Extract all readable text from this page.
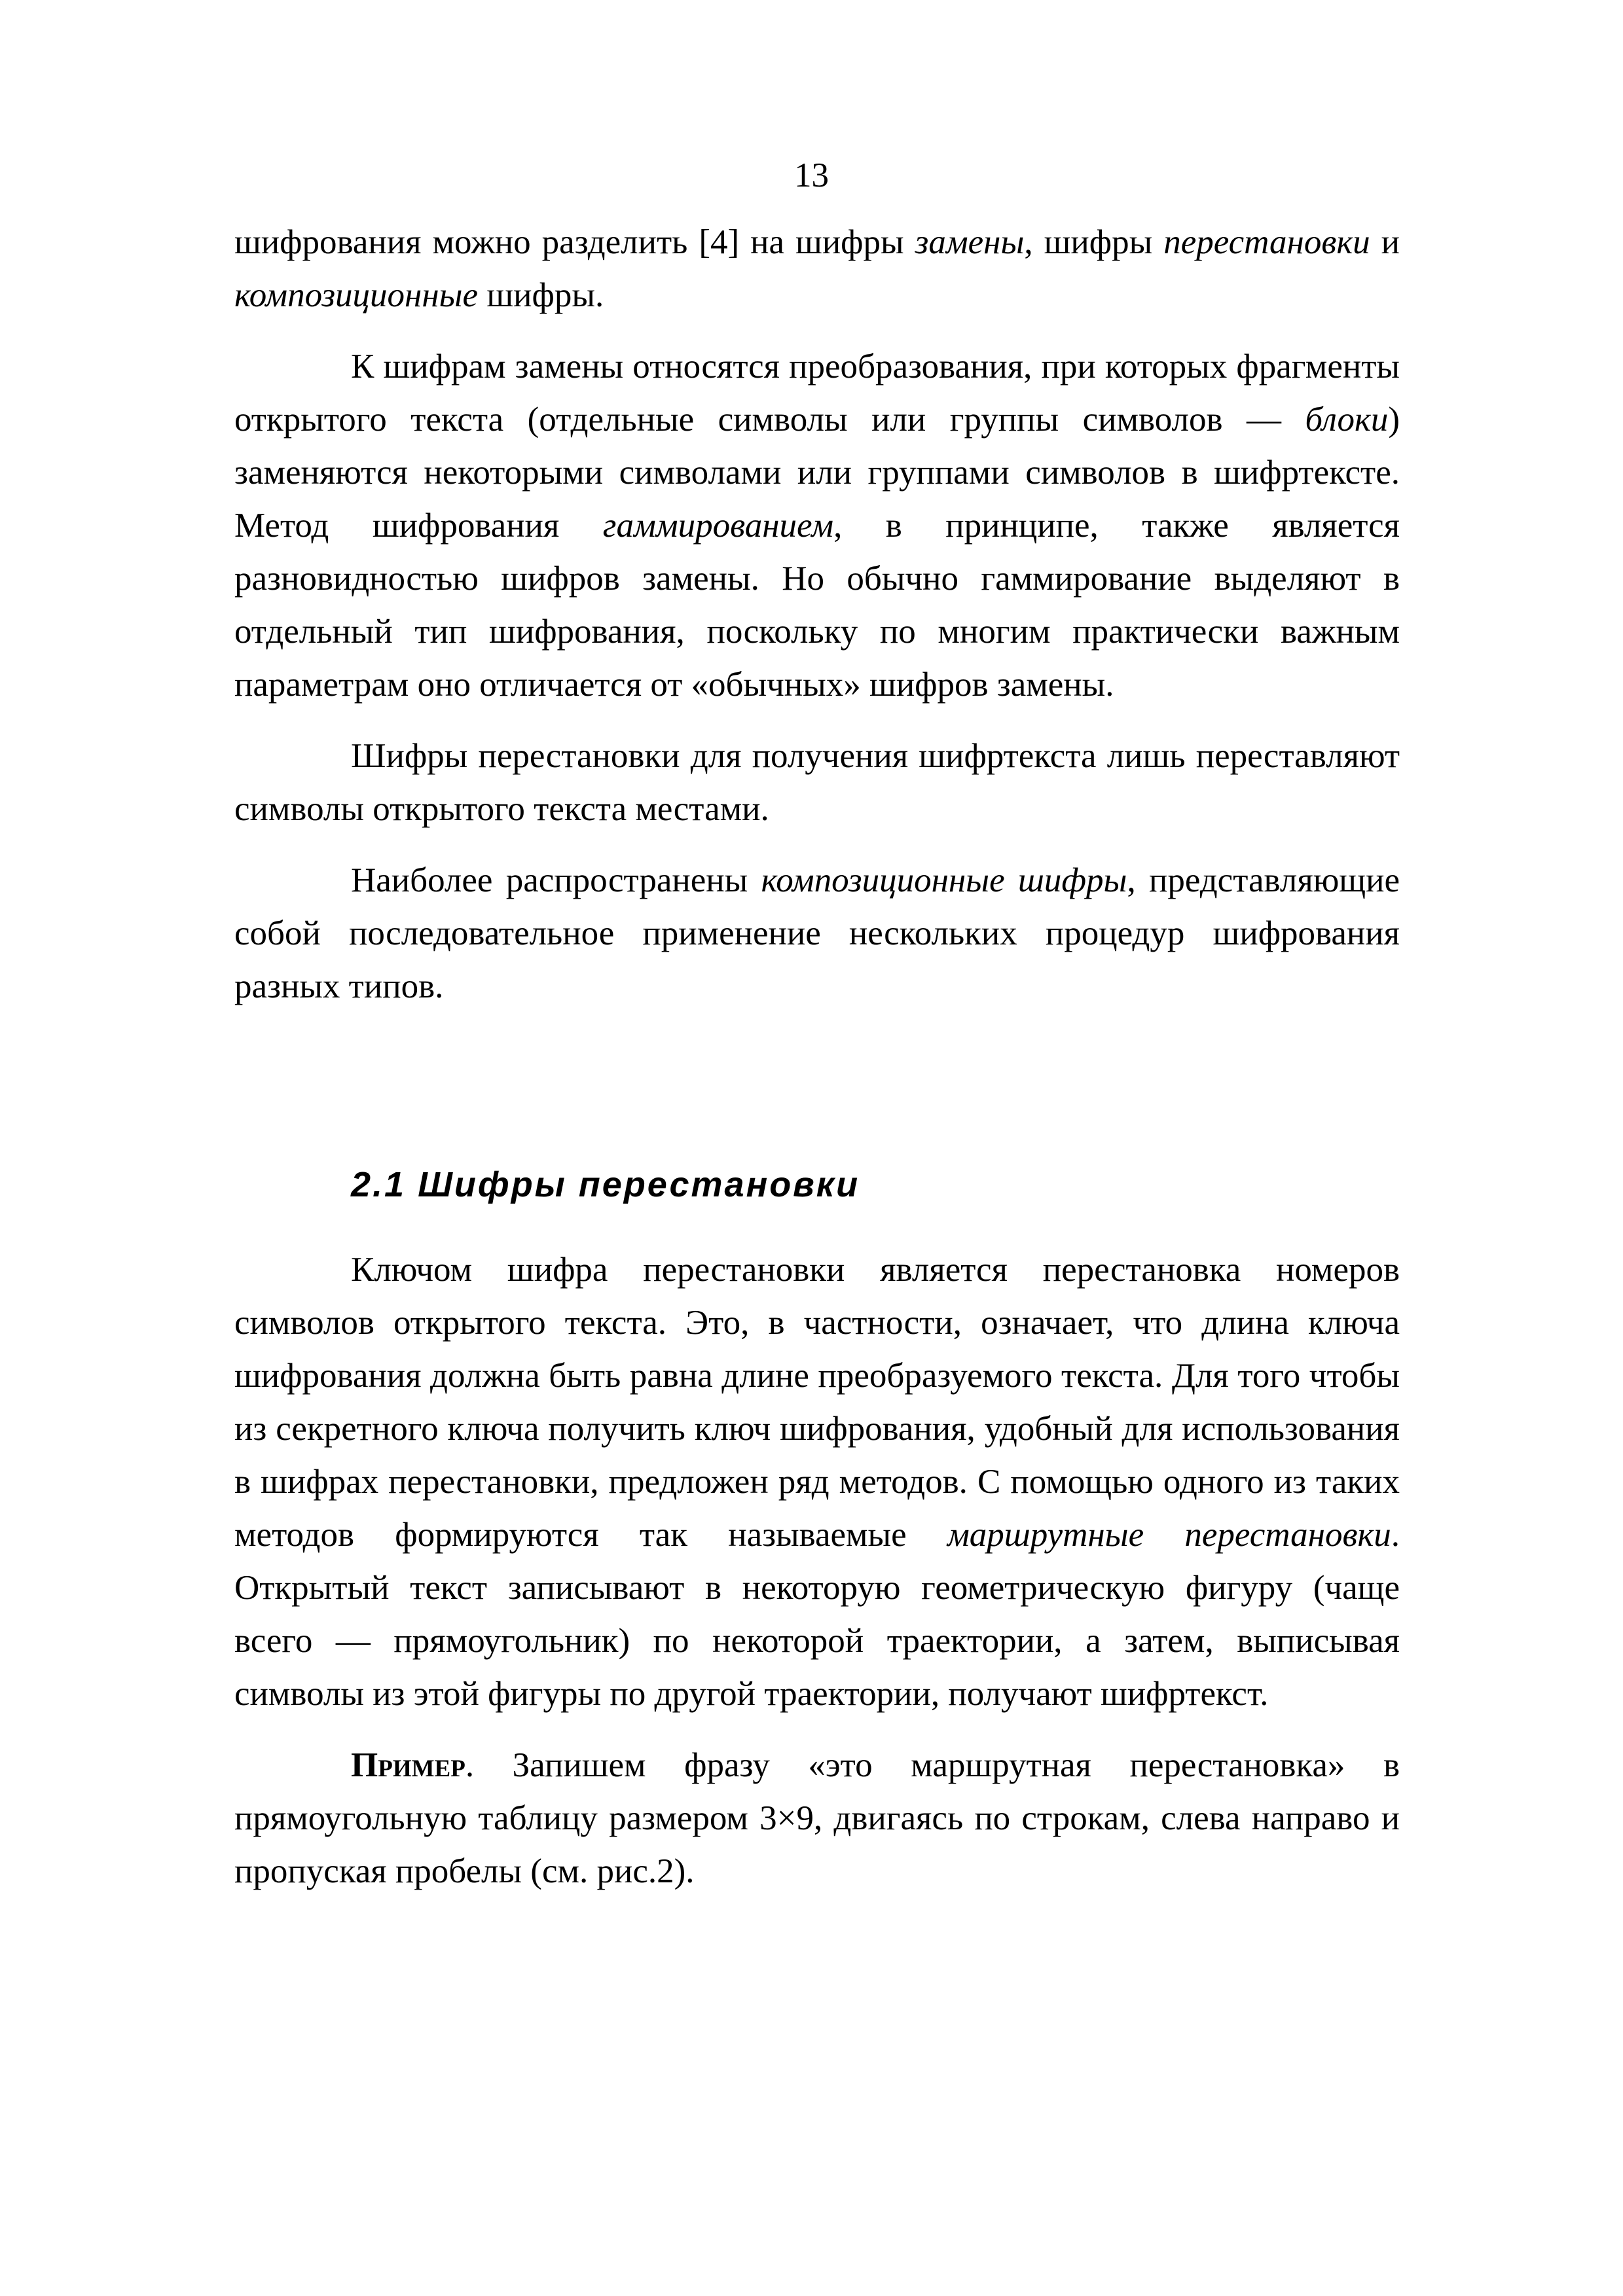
13

шифрования можно разделить [4] на шифры замены, шифры перестановки и композиционные шифры.

К шифрам замены относятся преобразования, при которых фрагменты открытого текста (отдельные символы или группы символов — блоки) заменяются некоторыми символами или группами символов в шифртексте. Метод шифрования гаммированием, в принципе, также является разновидностью шифров замены. Но обычно гаммирование выделяют в отдельный тип шифрования, поскольку по многим практически важным параметрам оно отличается от «обычных» шифров замены.

Шифры перестановки для получения шифртекста лишь переставляют символы открытого текста местами.

Наиболее распространены композиционные шифры, представляющие собой последовательное применение нескольких процедур шифрования разных типов.

2.1 Шифры перестановки

Ключом шифра перестановки является перестановка номеров символов открытого текста. Это, в частности, означает, что длина ключа шифрования должна быть равна длине преобразуемого текста. Для того чтобы из секретного ключа получить ключ шифрования, удобный для использования в шифрах перестановки, предложен ряд методов. С помощью одного из таких методов формируются так называемые маршрутные перестановки. Открытый текст записывают в некоторую геометрическую фигуру (чаще всего — прямоугольник) по некоторой траектории, а затем, выписывая символы из этой фигуры по другой траектории, получают шифртекст.

Пример. Запишем фразу «это маршрутная перестановка» в прямоугольную таблицу размером 3×9, двигаясь по строкам, слева направо и пропуская пробелы (см. рис.2).
